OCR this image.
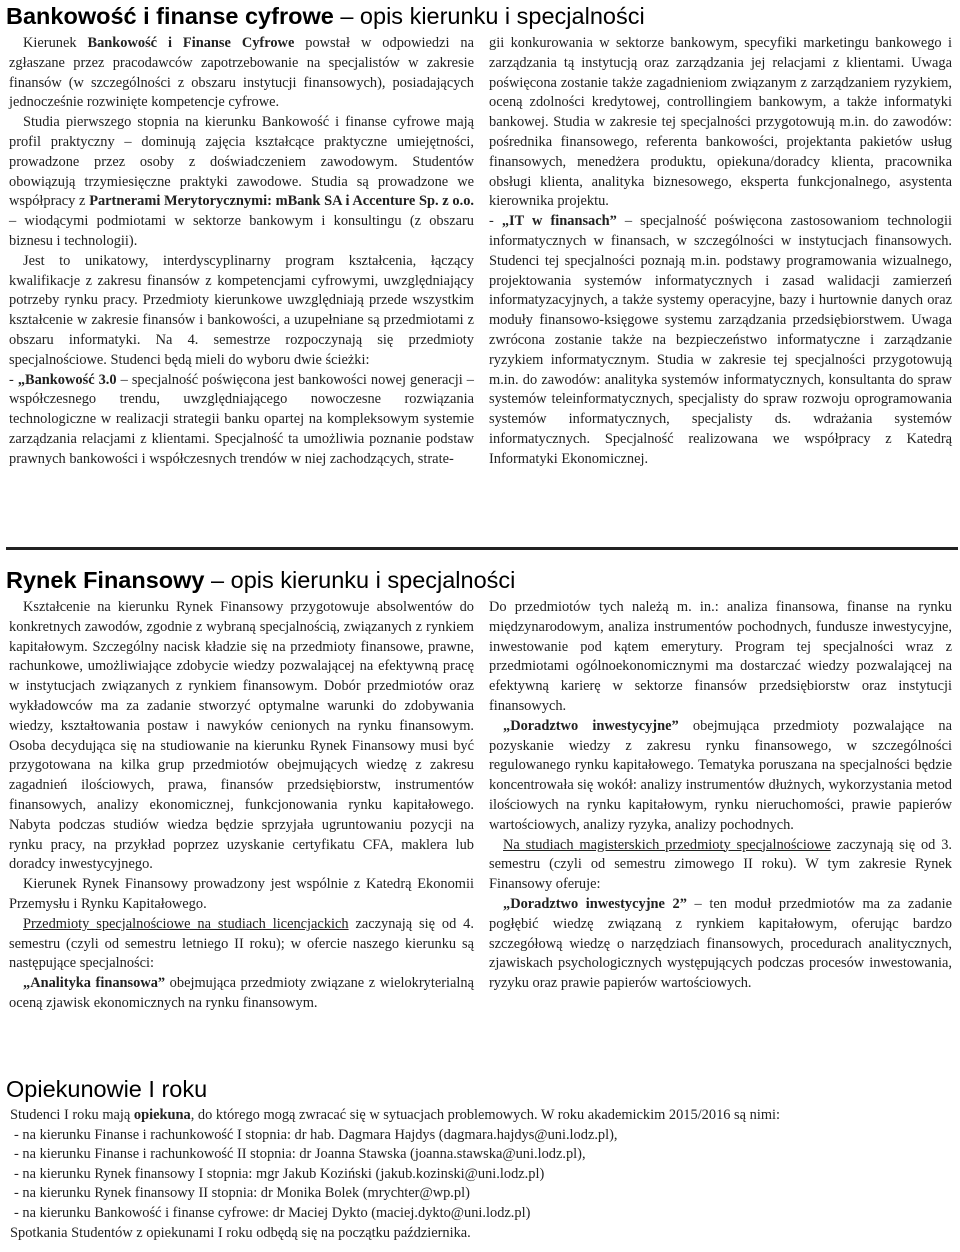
Bankowość i finanse cyfrowe – opis kierunku i specjalności

Kierunek Bankowość i Finanse Cyfrowe powstał w odpowiedzi na zgłaszane przez pracodawców zapotrzebowanie na specjalistów w zakresie finansów (w szczególności z obszaru instytucji finansowych), posiadających jednocześnie rozwinięte kompetencje cyfrowe.

Studia pierwszego stopnia na kierunku Bankowość i finanse cyfrowe mają profil praktyczny – dominują zajęcia kształcące praktyczne umiejętności, prowadzone przez osoby z doświadczeniem zawodowym. Studentów obowiązują trzymiesięczne praktyki zawodowe. Studia są prowadzone we współpracy z Partnerami Merytorycznymi: mBank SA i Accenture Sp. z o.o. – wiodącymi podmiotami w sektorze bankowym i konsultingu (z obszaru biznesu i technologii).

Jest to unikatowy, interdyscyplinarny program kształcenia, łączący kwalifikacje z zakresu finansów z kompetencjami cyfrowymi, uwzględniający potrzeby rynku pracy. Przedmioty kierunkowe uwzględniają przede wszystkim kształcenie w zakresie finansów i bankowości, a uzupełniane są przedmiotami z obszaru informatyki. Na 4. semestrze rozpoczynają się przedmioty specjalnościowe. Studenci będą mieli do wyboru dwie ścieżki:

- „Bankowość 3.0 – specjalność poświęcona jest bankowości nowej generacji – współczesnego trendu, uwzględniającego nowoczesne rozwiązania technologiczne w realizacji strategii banku opartej na kompleksowym systemie zarządzania relacjami z klientami. Specjalność ta umożliwia poznanie podstaw prawnych bankowości i współczesnych trendów w niej zachodzących, strate-

gii konkurowania w sektorze bankowym, specyfiki marketingu bankowego i zarządzania tą instytucją oraz zarządzania jej relacjami z klientami. Uwaga poświęcona zostanie także zagadnieniom związanym z zarządzaniem ryzykiem, oceną zdolności kredytowej, controllingiem bankowym, a także informatyki bankowej. Studia w zakresie tej specjalności przygotowują m.in. do zawodów: pośrednika finansowego, referenta bankowości, projektanta pakietów usług finansowych, menedżera produktu, opiekuna/doradcy klienta, pracownika obsługi klienta, analityka biznesowego, eksperta funkcjonalnego, asystenta kierownika projektu.

- „IT w finansach” – specjalność poświęcona zastosowaniom technologii informatycznych w finansach, w szczególności w instytucjach finansowych. Studenci tej specjalności poznają m.in. podstawy programowania wizualnego, projektowania systemów informatycznych i zasad walidacji zamierzeń informatyzacyjnych, a także systemy operacyjne, bazy i hurtownie danych oraz moduły finansowo-księgowe systemu zarządzania przedsiębiorstwem. Uwaga zwrócona zostanie także na bezpieczeństwo informatyczne i zarządzanie ryzykiem informatycznym. Studia w zakresie tej specjalności przygotowują m.in. do zawodów: analityka systemów informatycznych, konsultanta do spraw systemów teleinformatycznych, specjalisty do spraw rozwoju oprogramowania systemów informatycznych, specjalisty ds. wdrażania systemów informatycznych. Specjalność realizowana we współpracy z Katedrą Informatyki Ekonomicznej.

Rynek Finansowy – opis kierunku i specjalności

Kształcenie na kierunku Rynek Finansowy przygotowuje absolwentów do konkretnych zawodów, zgodnie z wybraną specjalnością, związanych z rynkiem kapitałowym. Szczególny nacisk kładzie się na przedmioty finansowe, prawne, rachunkowe, umożliwiające zdobycie wiedzy pozwalającej na efektywną pracę w instytucjach związanych z rynkiem finansowym. Dobór przedmiotów oraz wykładowców ma za zadanie stworzyć optymalne warunki do zdobywania wiedzy, kształtowania postaw i nawyków cenionych na rynku finansowym. Osoba decydująca się na studiowanie na kierunku Rynek Finansowy musi być przygotowana na kilka grup przedmiotów obejmujących wiedzę z zakresu zagadnień ilościowych, prawa, finansów przedsiębiorstw, instrumentów finansowych, analizy ekonomicznej, funkcjonowania rynku kapitałowego. Nabyta podczas studiów wiedza będzie sprzyjała ugruntowaniu pozycji na rynku pracy, na przykład poprzez uzyskanie certyfikatu CFA, maklera lub doradcy inwestycyjnego.

Kierunek Rynek Finansowy prowadzony jest wspólnie z Katedrą Ekonomii Przemysłu i Rynku Kapitałowego.

Przedmioty specjalnościowe na studiach licencjackich zaczynają się od 4. semestru (czyli od semestru letniego II roku); w ofercie naszego kierunku są następujące specjalności:

„Analityka finansowa” obejmująca przedmioty związane z wielokryterialną oceną zjawisk ekonomicznych na rynku finansowym.

Do przedmiotów tych należą m. in.: analiza finansowa, finanse na rynku międzynarodowym, analiza instrumentów pochodnych, fundusze inwestycyjne, inwestowanie pod kątem emerytury. Program tej specjalności wraz z przedmiotami ogólnoekonomicznymi ma dostarczać wiedzy pozwalającej na efektywną karierę w sektorze finansów przedsiębiorstw oraz instytucji finansowych.

„Doradztwo inwestycyjne” obejmująca przedmioty pozwalające na pozyskanie wiedzy z zakresu rynku finansowego, w szczególności regulowanego rynku kapitałowego. Tematyka poruszana na specjalności będzie koncentrowała się wokół: analizy instrumentów dłużnych, wykorzystania metod ilościowych na rynku kapitałowym, rynku nieruchomości, prawie papierów wartościowych, analizy ryzyka, analizy pochodnych.

Na studiach magisterskich przedmioty specjalnościowe zaczynają się od 3. semestru (czyli od semestru zimowego II roku). W tym zakresie Rynek Finansowy oferuje:

„Doradztwo inwestycyjne 2” – ten moduł przedmiotów ma za zadanie pogłębić wiedzę związaną z rynkiem kapitałowym, oferując bardzo szczegółową wiedzę o narzędziach finansowych, procedurach analitycznych, zjawiskach psychologicznych występujących podczas procesów inwestowania, ryzyku oraz prawie papierów wartościowych.

Opiekunowie I roku
Studenci I roku mają opiekuna, do którego mogą zwracać się w sytuacjach problemowych. W roku akademickim 2015/2016 są nimi:
- na kierunku Finanse i rachunkowość I stopnia: dr hab. Dagmara Hajdys (dagmara.hajdys@uni.lodz.pl),
- na kierunku Finanse i rachunkowość II stopnia: dr Joanna Stawska (joanna.stawska@uni.lodz.pl),
- na kierunku Rynek finansowy I stopnia: mgr Jakub Koziński (jakub.kozinski@uni.lodz.pl)
- na kierunku Rynek finansowy II stopnia: dr Monika Bolek (mrychter@wp.pl)
- na kierunku Bankowość i finanse cyfrowe: dr Maciej Dykto (maciej.dykto@uni.lodz.pl)
Spotkania Studentów z opiekunami I roku odbędą się na początku października.
